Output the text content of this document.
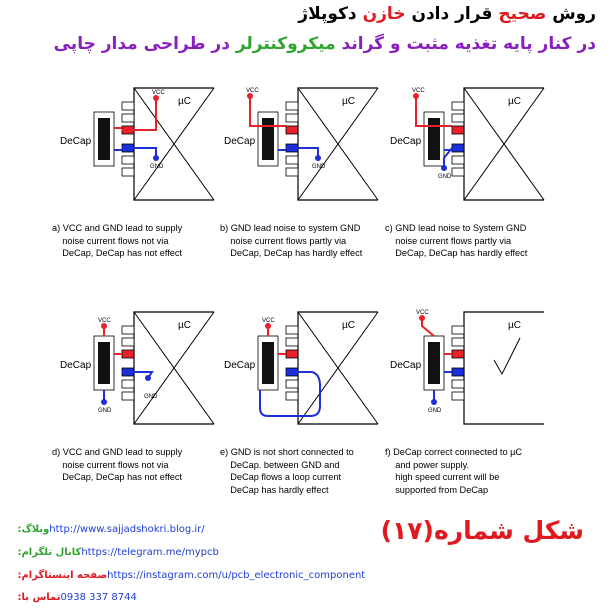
روش صحیح قرار دادن خازن دکوپلاژ
در کنار پایه تغذیه مثبت و گراند میکروکنترلر در طراحی مدار چاپی
µC
DeCap
VCC
GND
µC
DeCap
VCC
GND
µC
DeCap
VCC
GND
µC
DeCap
VCC
GND
GND
µC
DeCap
VCC	µC
DeCap
VCC
GND
a) VCC and GND lead to supply
noise current flows not via
DeCap, DeCap has not effect
b) GND lead noise to system GND
noise current flows partly via
DeCap, DeCap has hardly effect
c) GND lead noise to System GND
noise current flows partly via
DeCap, DeCap has hardly effect
d) VCC and GND lead to supply
noise current flows not via
DeCap, DeCap has not effect
e) GND is not short connected to
DeCap. between GND and
DeCap flows a loop current
DeCap has hardly effect
f) DeCap correct connected to µC
and power supply.
high speed current will be
supported from DeCap
شکل شماره(۱۷)
وبلاگ: http://www.sajjadshokri.blog.ir/
کانال تلگرام: https://telegram.me/mypcb
صفحه اینستاگرام: https://instagram.com/u/pcb_electronic_component
تماس با: 0938 337 8744
